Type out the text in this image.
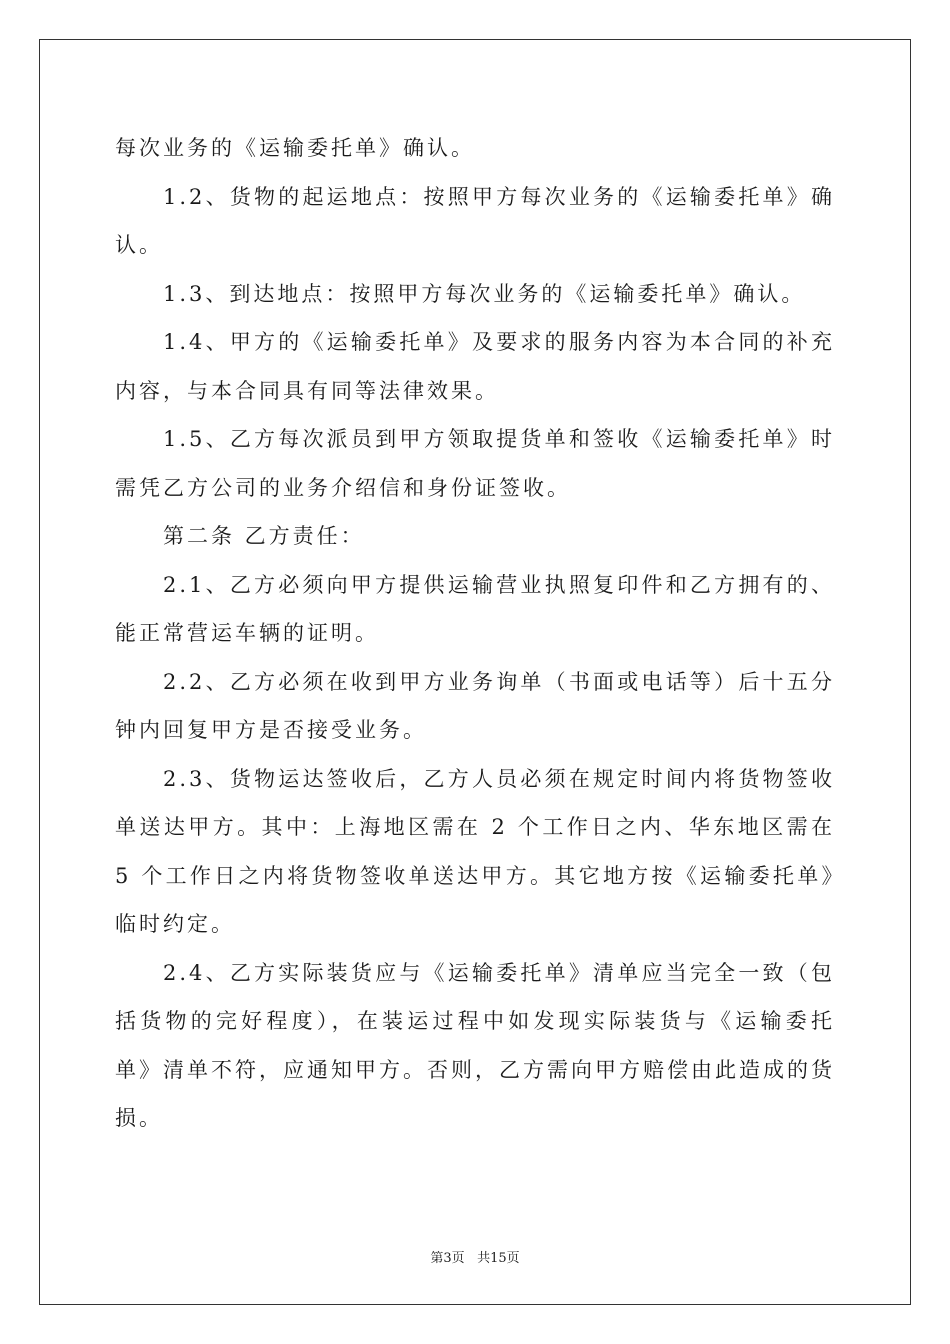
每次业务的《运输委托单》确认。

1.2、货物的起运地点：按照甲方每次业务的《运输委托单》确认。

1.3、到达地点：按照甲方每次业务的《运输委托单》确认。

1.4、甲方的《运输委托单》及要求的服务内容为本合同的补充内容，与本合同具有同等法律效果。

1.5、乙方每次派员到甲方领取提货单和签收《运输委托单》时需凭乙方公司的业务介绍信和身份证签收。

第二条 乙方责任：

2.1、乙方必须向甲方提供运输营业执照复印件和乙方拥有的、能正常营运车辆的证明。

2.2、乙方必须在收到甲方业务询单（书面或电话等）后十五分钟内回复甲方是否接受业务。

2.3、货物运达签收后，乙方人员必须在规定时间内将货物签收单送达甲方。其中：上海地区需在 2 个工作日之内、华东地区需在 5 个工作日之内将货物签收单送达甲方。其它地方按《运输委托单》临时约定。

2.4、乙方实际装货应与《运输委托单》清单应当完全一致（包括货物的完好程度），在装运过程中如发现实际装货与《运输委托单》清单不符，应通知甲方。否则，乙方需向甲方赔偿由此造成的货损。

第3页 共15页
